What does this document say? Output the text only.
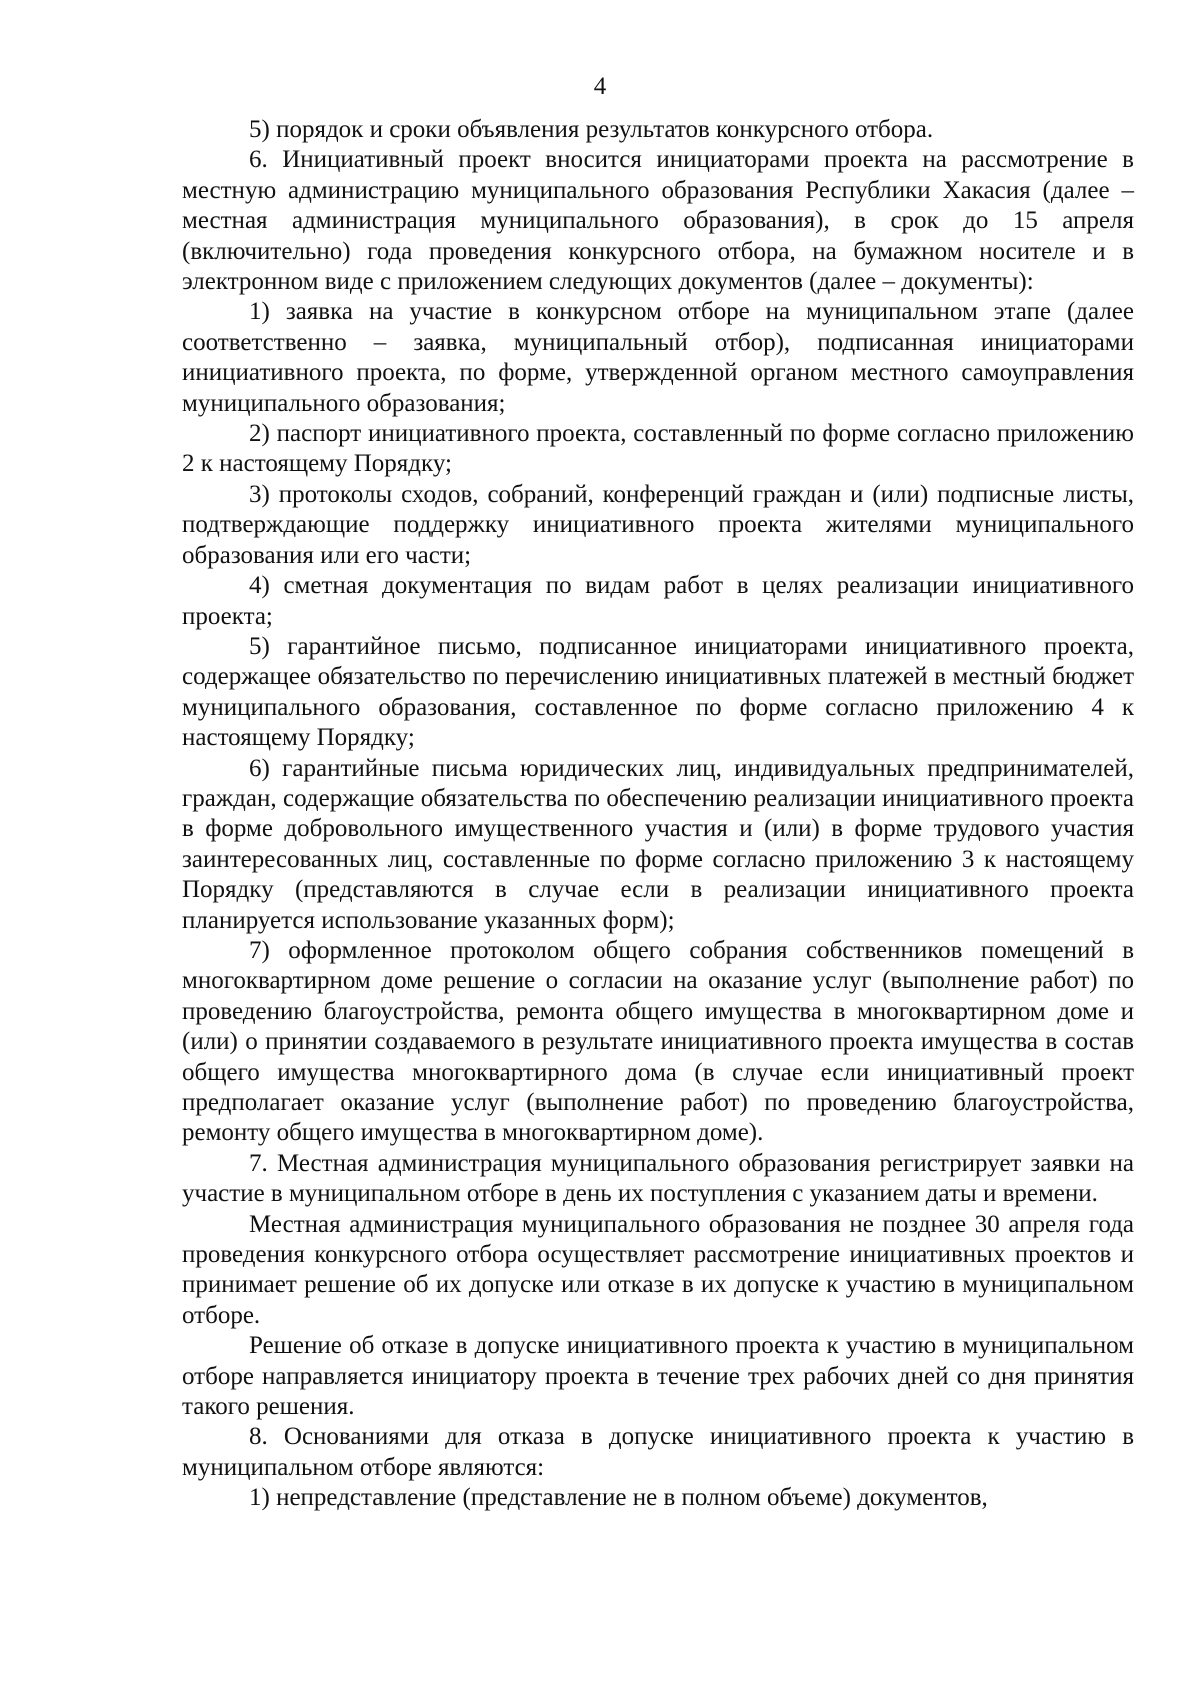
4

5) порядок и сроки объявления результатов конкурсного отбора.

6. Инициативный проект вносится инициаторами проекта на рассмотрение в местную администрацию муниципального образования Республики Хакасия (далее – местная администрация муниципального образования), в срок до 15 апреля (включительно) года проведения конкурсного отбора, на бумажном носителе и в электронном виде с приложением следующих документов (далее – документы):

1) заявка на участие в конкурсном отборе на муниципальном этапе (далее соответственно – заявка, муниципальный отбор), подписанная инициаторами инициативного проекта, по форме, утвержденной органом местного самоуправления муниципального образования;

2) паспорт инициативного проекта, составленный по форме согласно приложению 2 к настоящему Порядку;

3) протоколы сходов, собраний, конференций граждан и (или) подписные листы, подтверждающие поддержку инициативного проекта жителями муниципального образования или его части;

4) сметная документация по видам работ в целях реализации инициативного проекта;

5) гарантийное письмо, подписанное инициаторами инициативного проекта, содержащее обязательство по перечислению инициативных платежей в местный бюджет муниципального образования, составленное по форме согласно приложению 4 к настоящему Порядку;

6) гарантийные письма юридических лиц, индивидуальных предпринимателей, граждан, содержащие обязательства по обеспечению реализации инициативного проекта в форме добровольного имущественного участия и (или) в форме трудового участия заинтересованных лиц, составленные по форме согласно приложению 3 к настоящему Порядку (представляются в случае если в реализации инициативного проекта планируется использование указанных форм);

7) оформленное протоколом общего собрания собственников помещений в многоквартирном доме решение о согласии на оказание услуг (выполнение работ) по проведению благоустройства, ремонта общего имущества в многоквартирном доме и (или) о принятии создаваемого в результате инициативного проекта имущества в состав общего имущества многоквартирного дома (в случае если инициативный проект предполагает оказание услуг (выполнение работ) по проведению благоустройства, ремонту общего имущества в многоквартирном доме).

7. Местная администрация муниципального образования регистрирует заявки на участие в муниципальном отборе в день их поступления с указанием даты и времени.

Местная администрация муниципального образования не позднее 30 апреля года проведения конкурсного отбора осуществляет рассмотрение инициативных проектов и принимает решение об их допуске или отказе в их допуске к участию в муниципальном отборе.

Решение об отказе в допуске инициативного проекта к участию в муниципальном отборе направляется инициатору проекта в течение трех рабочих дней со дня принятия такого решения.

8. Основаниями для отказа в допуске инициативного проекта к участию в муниципальном отборе являются:

1) непредставление (представление не в полном объеме) документов,
